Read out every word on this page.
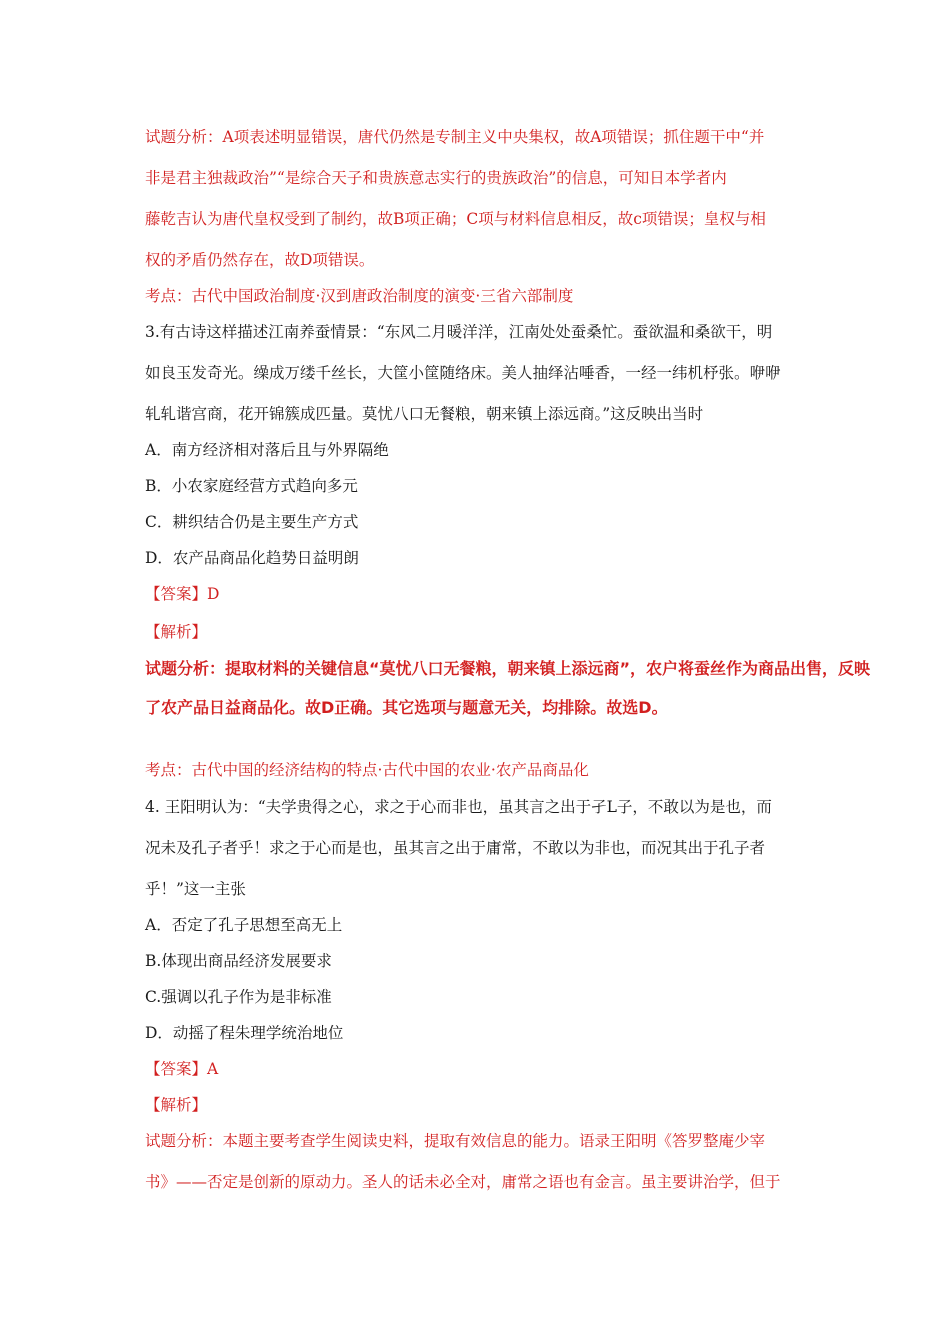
试题分析：A项表述明显错误，唐代仍然是专制主义中央集权，故A项错误；抓住题干中“并
非是君主独裁政治”“是综合天子和贵族意志实行的贵族政治”的信息，可知日本学者内
藤乾吉认为唐代皇权受到了制约，故B项正确；C项与材料信息相反，故c项错误；皇权与相
权的矛盾仍然存在，故D项错误。
考点：古代中国政治制度·汉到唐政治制度的演变·三省六部制度
3.有古诗这样描述江南养蚕情景：“东风二月暖洋洋，江南处处蚕桑忙。蚕欲温和桑欲干，明
如良玉发奇光。缲成万缕千丝长，大筐小筐随络床。美人抽绎沾唾香，一经一纬机杼张。咿咿
轧轧谐宫商，花开锦簇成匹量。莫忧八口无餐粮，朝来镇上添远商。”这反映出当时
A．南方经济相对落后且与外界隔绝
B．小农家庭经营方式趋向多元
C．耕织结合仍是主要生产方式
D．农产品商品化趋势日益明朗
【答案】D
【解析】
试题分析：提取材料的关键信息“莫忧八口无餐粮，朝来镇上添远商”，农户将蚕丝作为商品出售，反映
了农产品日益商品化。故D正确。其它选项与题意无关，均排除。故选D。
考点：古代中国的经济结构的特点·古代中国的农业·农产品商品化
4. 王阳明认为：“夫学贵得之心，求之于心而非也，虽其言之出于孑L子，不敢以为是也，而
况未及孔子者乎！求之于心而是也，虽其言之出于庸常，不敢以为非也，而况其出于孔子者
乎！”这一主张
A．否定了孔子思想至高无上
B.体现出商品经济发展要求
C.强调以孔子作为是非标准
D．动摇了程朱理学统治地位
【答案】A
【解析】
试题分析：本题主要考查学生阅读史料，提取有效信息的能力。语录王阳明《答罗整庵少宰
书》——否定是创新的原动力。圣人的话未必全对，庸常之语也有金言。虽主要讲治学，但于
